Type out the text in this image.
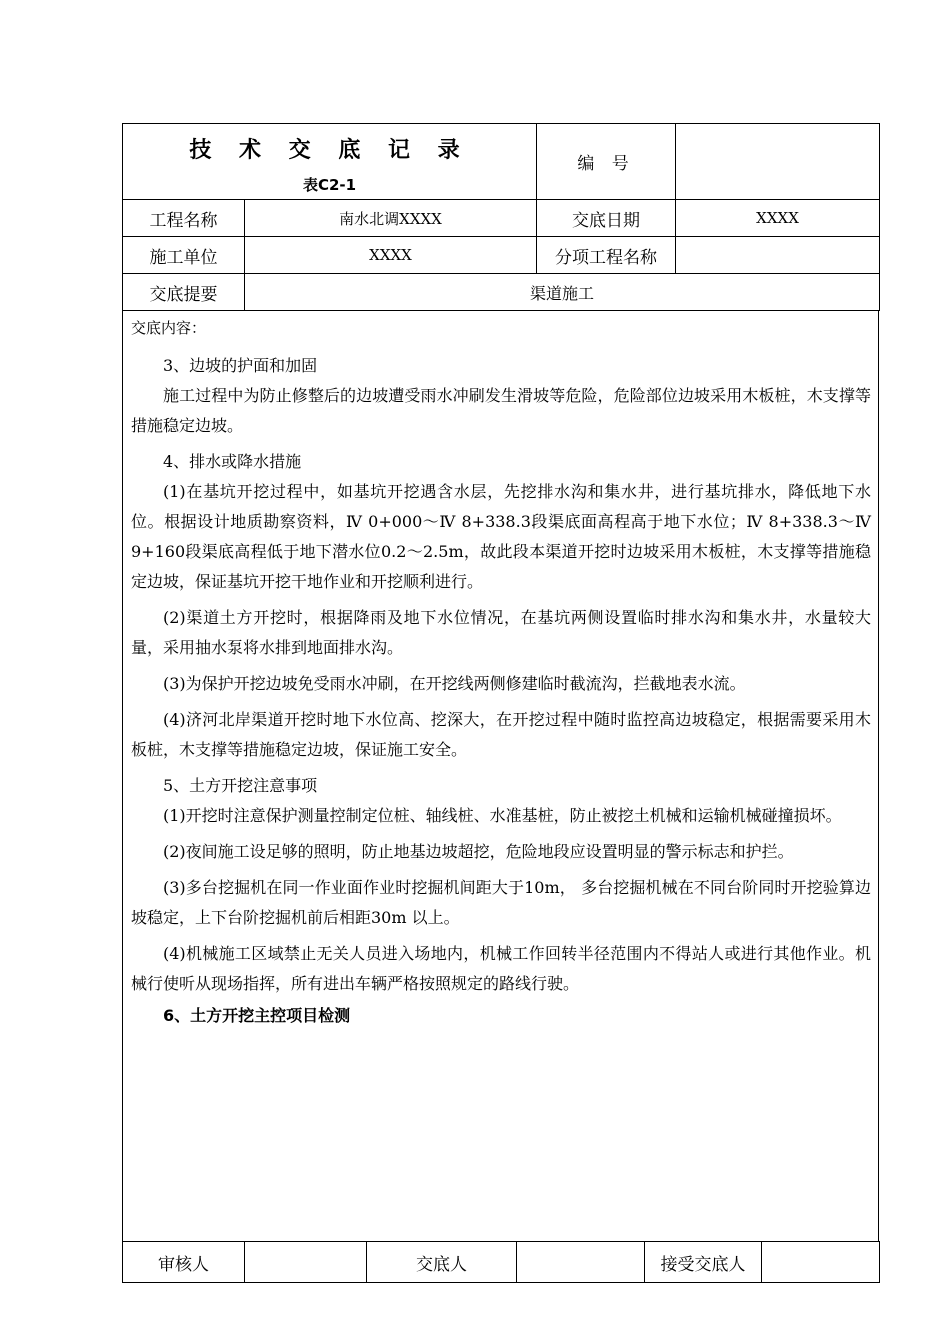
技 术 交 底 记 录
表C2-1		编 号	
工程名称	南水北调XXXX	交底日期	XXXX
施工单位	XXXX	分项工程名称	
交底提要	渠道施工		
交底内容：

3、边坡的护面和加固

施工过程中为防止修整后的边坡遭受雨水冲刷发生滑坡等危险，危险部位边坡采用木板桩，木支撑等措施稳定边坡。

4、排水或降水措施

(1)在基坑开挖过程中，如基坑开挖遇含水层，先挖排水沟和集水井，进行基坑排水，降低地下水位。根据设计地质勘察资料，Ⅳ 0+000～Ⅳ 8+338.3段渠底面高程高于地下水位；Ⅳ 8+338.3～Ⅳ 9+160段渠底高程低于地下潜水位0.2～2.5m，故此段本渠道开挖时边坡采用木板桩，木支撑等措施稳定边坡，保证基坑开挖干地作业和开挖顺利进行。

(2)渠道土方开挖时，根据降雨及地下水位情况，在基坑两侧设置临时排水沟和集水井，水量较大量，采用抽水泵将水排到地面排水沟。

(3)为保护开挖边坡免受雨水冲刷，在开挖线两侧修建临时截流沟，拦截地表水流。

(4)济河北岸渠道开挖时地下水位高、挖深大，在开挖过程中随时监控高边坡稳定，根据需要采用木板桩，木支撑等措施稳定边坡，保证施工安全。

5、土方开挖注意事项

(1)开挖时注意保护测量控制定位桩、轴线桩、水准基桩，防止被挖土机械和运输机械碰撞损坏。

(2)夜间施工设足够的照明，防止地基边坡超挖，危险地段应设置明显的警示标志和护拦。

(3)多台挖掘机在同一作业面作业时挖掘机间距大于10m， 多台挖掘机械在不同台阶同时开挖验算边坡稳定，上下台阶挖掘机前后相距30m 以上。

(4)机械施工区域禁止无关人员进入场地内，机械工作回转半径范围内不得站人或进行其他作业。机械行使听从现场指挥，所有进出车辆严格按照规定的路线行驶。

6、土方开挖主控项目检测

审核人		交底人		接受交底人	
